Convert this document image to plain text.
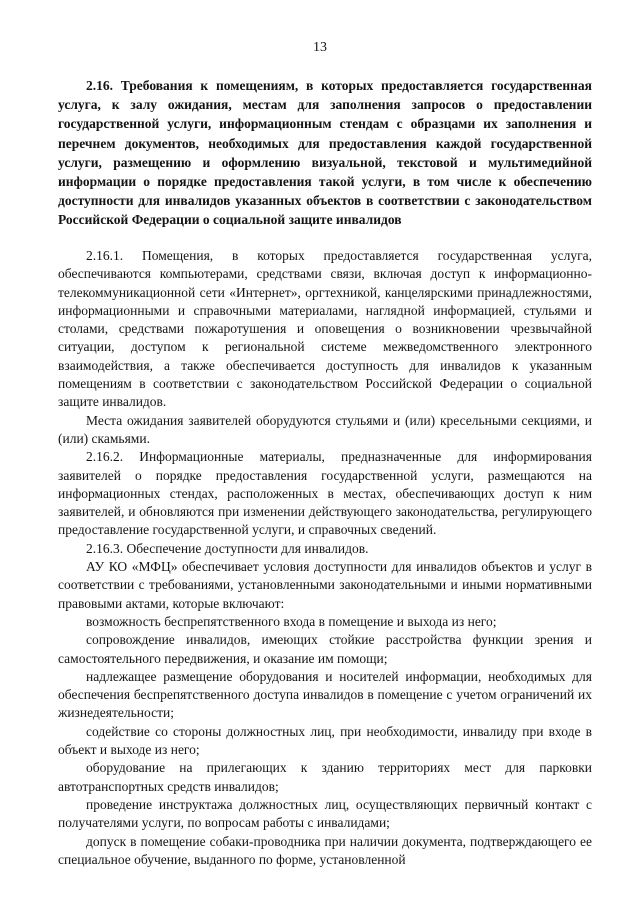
13

2.16. Требования к помещениям, в которых предоставляется государственная услуга, к залу ожидания, местам для заполнения запросов о предоставлении государственной услуги, информационным стендам с образцами их заполнения и перечнем документов, необходимых для предоставления каждой государственной услуги, размещению и оформлению визуальной, текстовой и мультимедийной информации о порядке предоставления такой услуги, в том числе к обеспечению доступности для инвалидов указанных объектов в соответствии с законодательством Российской Федерации о социальной защите инвалидов

2.16.1. Помещения, в которых предоставляется государственная услуга, обеспечиваются компьютерами, средствами связи, включая доступ к информационно-телекоммуникационной сети «Интернет», оргтехникой, канцелярскими принадлежностями, информационными и справочными материалами, наглядной информацией, стульями и столами, средствами пожаротушения и оповещения о возникновении чрезвычайной ситуации, доступом к региональной системе межведомственного электронного взаимодействия, а также обеспечивается доступность для инвалидов к указанным помещениям в соответствии с законодательством Российской Федерации о социальной защите инвалидов.

Места ожидания заявителей оборудуются стульями и (или) кресельными секциями, и (или) скамьями.

2.16.2. Информационные материалы, предназначенные для информирования заявителей о порядке предоставления государственной услуги, размещаются на информационных стендах, расположенных в местах, обеспечивающих доступ к ним заявителей, и обновляются при изменении действующего законодательства, регулирующего предоставление государственной услуги, и справочных сведений.

2.16.3. Обеспечение доступности для инвалидов.

АУ КО «МФЦ» обеспечивает условия доступности для инвалидов объектов и услуг в соответствии с требованиями, установленными законодательными и иными нормативными правовыми актами, которые включают:

возможность беспрепятственного входа в помещение и выхода из него;

сопровождение инвалидов, имеющих стойкие расстройства функции зрения и самостоятельного передвижения, и оказание им помощи;

надлежащее размещение оборудования и носителей информации, необходимых для обеспечения беспрепятственного доступа инвалидов в помещение с учетом ограничений их жизнедеятельности;

содействие со стороны должностных лиц, при необходимости, инвалиду при входе в объект и выходе из него;

оборудование на прилегающих к зданию территориях мест для парковки автотранспортных средств инвалидов;

проведение инструктажа должностных лиц, осуществляющих первичный контакт с получателями услуги, по вопросам работы с инвалидами;

допуск в помещение собаки-проводника при наличии документа, подтверждающего ее специальное обучение, выданного по форме, установленной
